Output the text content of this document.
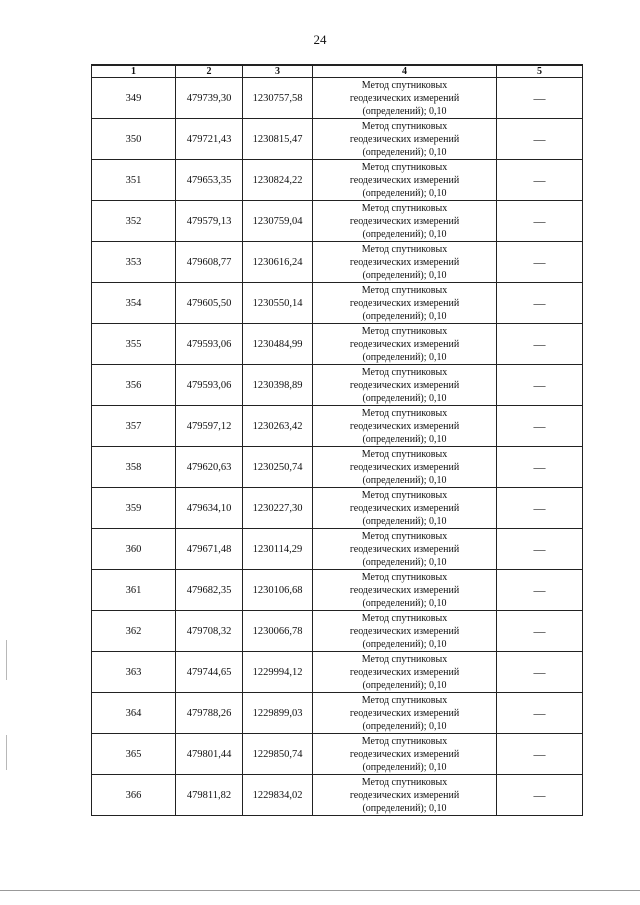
24
1	2	3	4	5
349	479739,30	1230757,58	Метод спутниковых
геодезических измерений
(определений); 0,10	—
350	479721,43	1230815,47	Метод спутниковых
геодезических измерений
(определений); 0,10	—
351	479653,35	1230824,22	Метод спутниковых
геодезических измерений
(определений); 0,10	—
352	479579,13	1230759,04	Метод спутниковых
геодезических измерений
(определений); 0,10	—
353	479608,77	1230616,24	Метод спутниковых
геодезических измерений
(определений); 0,10	—
354	479605,50	1230550,14	Метод спутниковых
геодезических измерений
(определений); 0,10	—
355	479593,06	1230484,99	Метод спутниковых
геодезических измерений
(определений); 0,10	—
356	479593,06	1230398,89	Метод спутниковых
геодезических измерений
(определений); 0,10	—
357	479597,12	1230263,42	Метод спутниковых
геодезических измерений
(определений); 0,10	—
358	479620,63	1230250,74	Метод спутниковых
геодезических измерений
(определений); 0,10	—
359	479634,10	1230227,30	Метод спутниковых
геодезических измерений
(определений); 0,10	—
360	479671,48	1230114,29	Метод спутниковых
геодезических измерений
(определений); 0,10	—
361	479682,35	1230106,68	Метод спутниковых
геодезических измерений
(определений); 0,10	—
362	479708,32	1230066,78	Метод спутниковых
геодезических измерений
(определений); 0,10	—
363	479744,65	1229994,12	Метод спутниковых
геодезических измерений
(определений); 0,10	—
364	479788,26	1229899,03	Метод спутниковых
геодезических измерений
(определений); 0,10	—
365	479801,44	1229850,74	Метод спутниковых
геодезических измерений
(определений); 0,10	—
366	479811,82	1229834,02	Метод спутниковых
геодезических измерений
(определений); 0,10	—
